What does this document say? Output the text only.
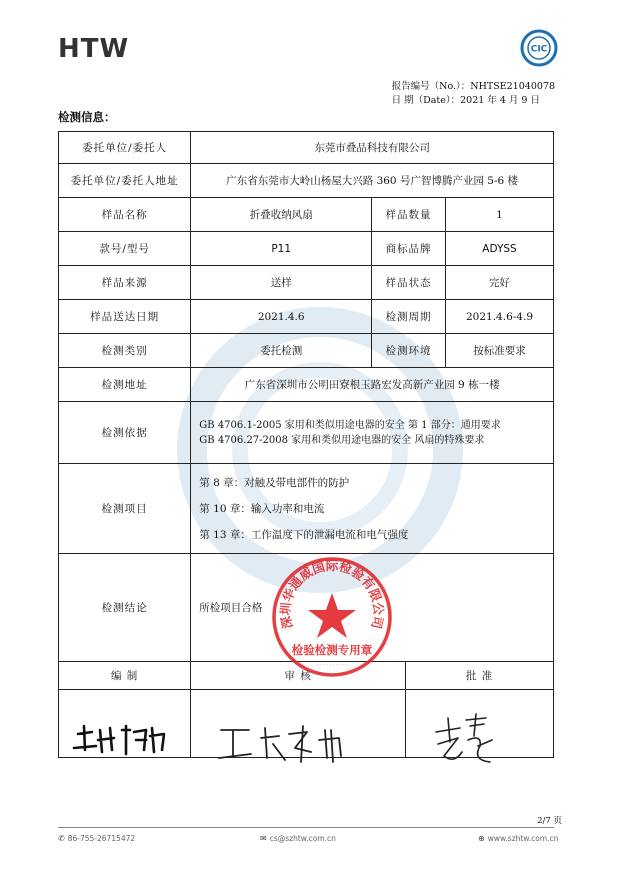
HTW	CIC
报告编号（No.）：NHTSE21040078
日 期（Date）：2021 年 4 月 9 日
检测信息：
委托单位/委托人	东莞市叠品科技有限公司			
委托单位/委托人地址	广东省东莞市大岭山杨屋大兴路 360 号广智博腾产业园 5-6 楼			
样品名称	折叠收纳风扇	样品数量		1
款号/型号	P11	商标品牌		ADYSS
样品来源	送样	样品状态		完好
样品送达日期	2021.4.6	检测周期		2021.4.6-4.9
检测类别	委托检测	检测环境		按标准要求
检测地址	广东省深圳市公明田寮根玉路宏发高新产业园 9 栋一楼			
检测依据	GB 4706.1-2005 家用和类似用途电器的安全 第 1 部分：通用要求
GB 4706.27-2008 家用和类似用途电器的安全 风扇的特殊要求			

检测项目	第 8 章：对触及带电部件的防护
第 10 章：输入功率和电流
第 13 章：工作温度下的泄漏电流和电气强度			

检测结论	所检项目合格			
编 制	审 核		批 准	

深圳华通威国际检验有限公司
检验检测专用章
· · · · · · · · · ·
2/7 页
✆ 86-755-26715472	✉ cs@szhtw.com.cn	⊕ www.szhtw.com.cn
